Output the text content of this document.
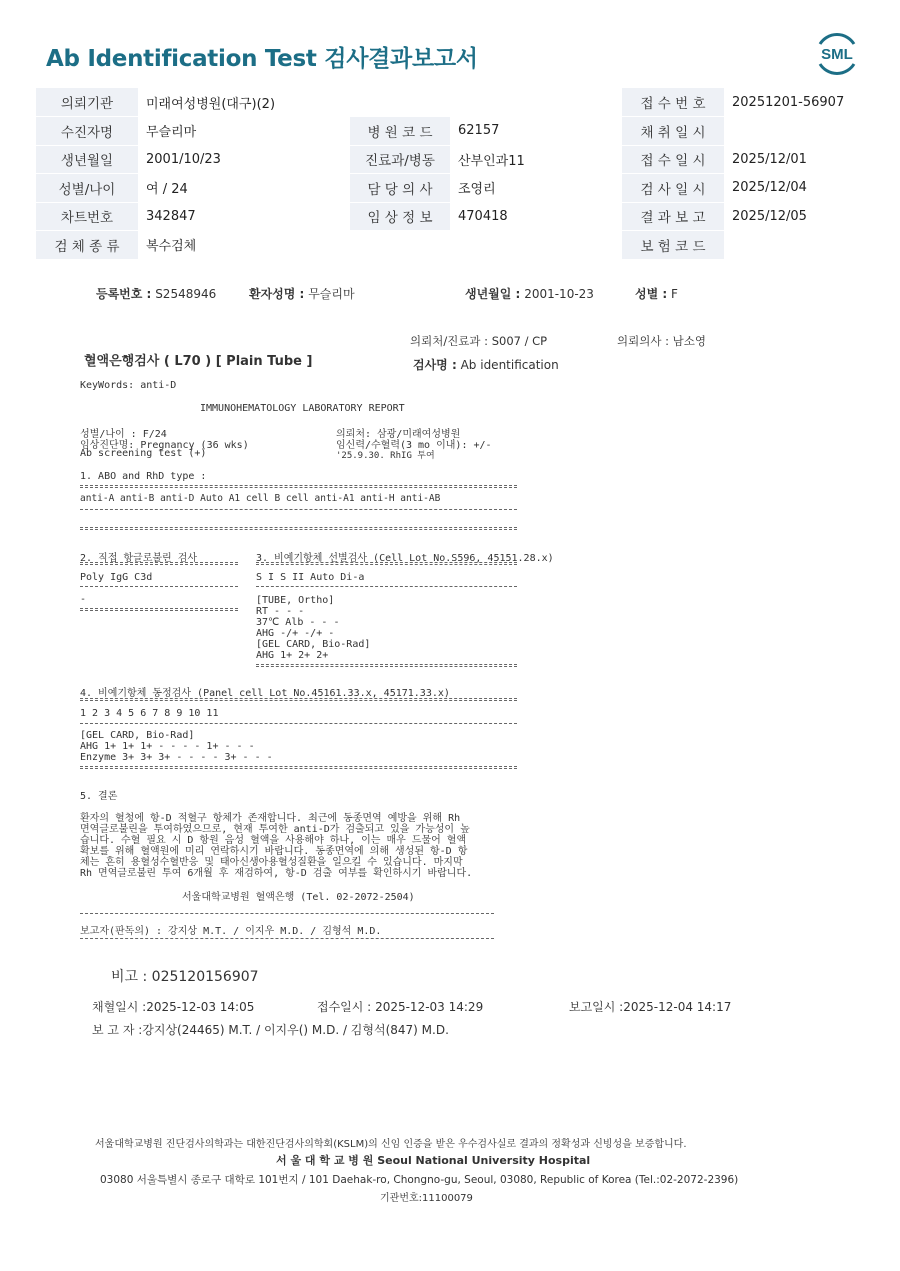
Ab Identification Test 검사결과보고서	SML
의뢰기관	미래여성병원(대구)(2)			접 수 번 호	20251201-56907
수진자명	무슬리마	병 원 코 드	62157	채 취 일 시	
생년월일	2001/10/23	진료과/병동	산부인과11	접 수 일 시	2025/12/01
성별/나이	여 / 24	담 당 의 사	조영리	검 사 일 시	2025/12/04
차트번호	342847	임 상 정 보	470418	결 과 보 고	2025/12/05
검 체 종 류	복수검체			보 험 코 드	
등록번호 : S2548946	환자성명 : 무슬리마	생년월일 : 2001-10-23	성별 : F
의뢰처/진료과 : S007 / CP	의뢰의사 : 남소영
혈액은행검사 ( L70 ) [ Plain Tube ]	검사명 : Ab identification
KeyWords: anti-D
IMMUNOHEMATOLOGY LABORATORY REPORT
성별/나이 : F/24
임상진단명: Pregnancy (36 wks)
Ab screening test (+)
의뢰처: 삼광/미래여성병원
임신력/수혈력(3 mo 이내): +/-
'25.9.30. RhIG 투여
1. ABO and RhD type :
anti-A anti-B anti-D Auto A1 cell B cell anti-A1 anti-H anti-AB
2. 직접 항글로불린 검사
Poly IgG C3d
-
3. 비예기항체 선별검사 (Cell Lot No.S596, 45151.28.x)
S I S II Auto Di-a
[TUBE, Ortho]
RT - - -
37℃ Alb - - -
AHG -/+ -/+ -
[GEL CARD, Bio-Rad]
AHG 1+ 2+ 2+
4. 비예기항체 동정검사 (Panel cell Lot No.45161.33.x, 45171.33.x)
1 2 3 4 5 6 7 8 9 10 11
[GEL CARD, Bio-Rad]
AHG 1+ 1+ 1+ - - - - 1+ - - -
Enzyme 3+ 3+ 3+ - - - - 3+ - - -
5. 결론
환자의 혈청에 항-D 적혈구 항체가 존재합니다. 최근에 동종면역 예방을 위해 Rh
면역글로불린을 투여하였으므로, 현재 투여한 anti-D가 검출되고 있을 가능성이 높
습니다. 수혈 필요 시 D 항원 음성 혈액을 사용해야 하나, 이는 매우 드물어 혈액
확보를 위해 혈액원에 미리 연락하시기 바랍니다. 동종면역에 의해 생성된 항-D 항
체는 흔히 용혈성수혈반응 및 태아신생아용혈성질환을 일으킬 수 있습니다. 마지막
Rh 면역글로불린 투여 6개월 후 재검하여, 항-D 검출 여부를 확인하시기 바랍니다.
서울대학교병원 혈액은행 (Tel. 02-2072-2504)
보고자(판독의) : 강지상 M.T. / 이지우 M.D. / 김형석 M.D.
비고 : 025120156907
채혈일시 :2025-12-03 14:05	접수일시 : 2025-12-03 14:29	보고일시 :2025-12-04 14:17
보 고 자 :강지상(24465) M.T. / 이지우() M.D. / 김형석(847) M.D.
서울대학교병원 진단검사의학과는 대한진단검사의학회(KSLM)의 신임 인증을 받은 우수검사실로 결과의 정확성과 신빙성을 보증합니다.
서 울 대 학 교 병 원 Seoul National University Hospital
03080 서울특별시 종로구 대학로 101번지 / 101 Daehak-ro, Chongno-gu, Seoul, 03080, Republic of Korea (Tel.:02-2072-2396)
기관번호:11100079
